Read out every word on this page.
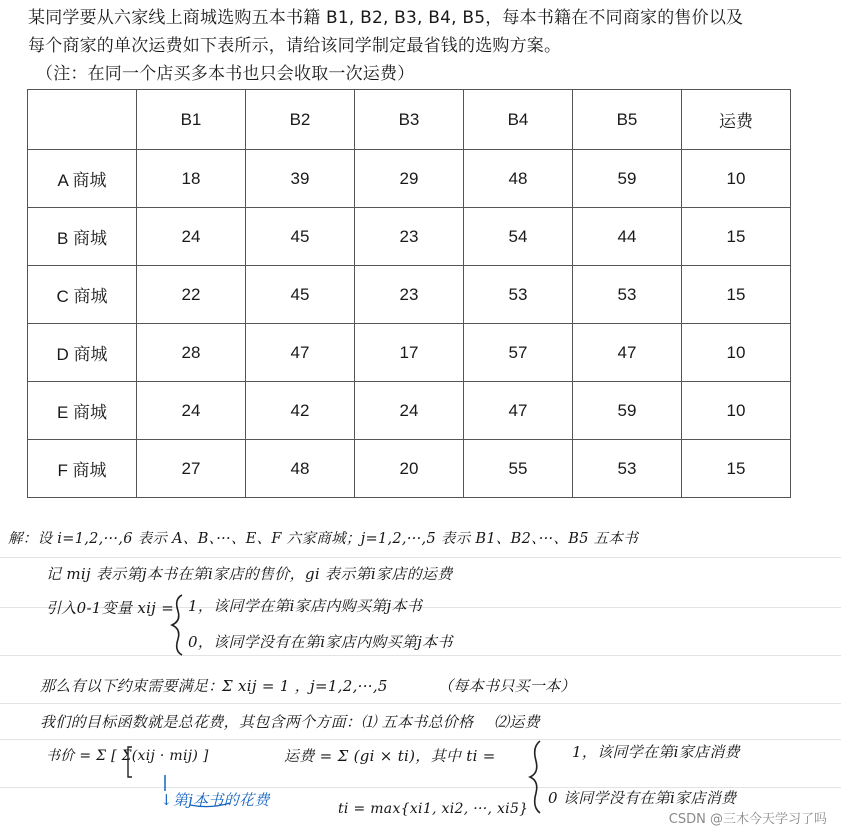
某同学要从六家线上商城选购五本书籍 B1, B2, B3, B4, B5，每本书籍在不同商家的售价以及
每个商家的单次运费如下表所示，请给该同学制定最省钱的选购方案。
（注：在同一个店买多本书也只会收取一次运费）
	B1	B2	B3	B4	B5	运费
A 商城	18	39	29	48	59	10
B 商城	24	45	23	54	44	15
C 商城	22	45	23	53	53	15
D 商城	28	47	17	57	47	10
E 商城	24	42	24	47	59	10
F 商城	27	48	20	55	53	15
解：设 i=1,2,···,6 表示 A、B、···、E、F 六家商城；j=1,2,···,5 表示 B1、B2、···、B5 五本书
记 mij 表示第j本书在第i家店的售价，gi 表示第i家店的运费
引入0-1变量 xij = 1，该同学在第i家店内购买第j本书
0，该同学没有在第i家店内购买第j本书
那么有以下约束需要满足：
Σ xij = 1 ，j=1,2,···,5	（每本书只买一本）
我们的目标函数就是总花费，其包含两个方面：⑴ 五本书总价格 ⑵运费
书价 = Σ [ Σ(xij · mij) ]	运费 = Σ (gi × ti)，其中 ti =	1，该同学在第i家店消费
↓第j本书的花费	ti = max{xi1, xi2, ···, xi5}
0 该同学没有在第i家店消费
CSDN @三木今天学习了吗
